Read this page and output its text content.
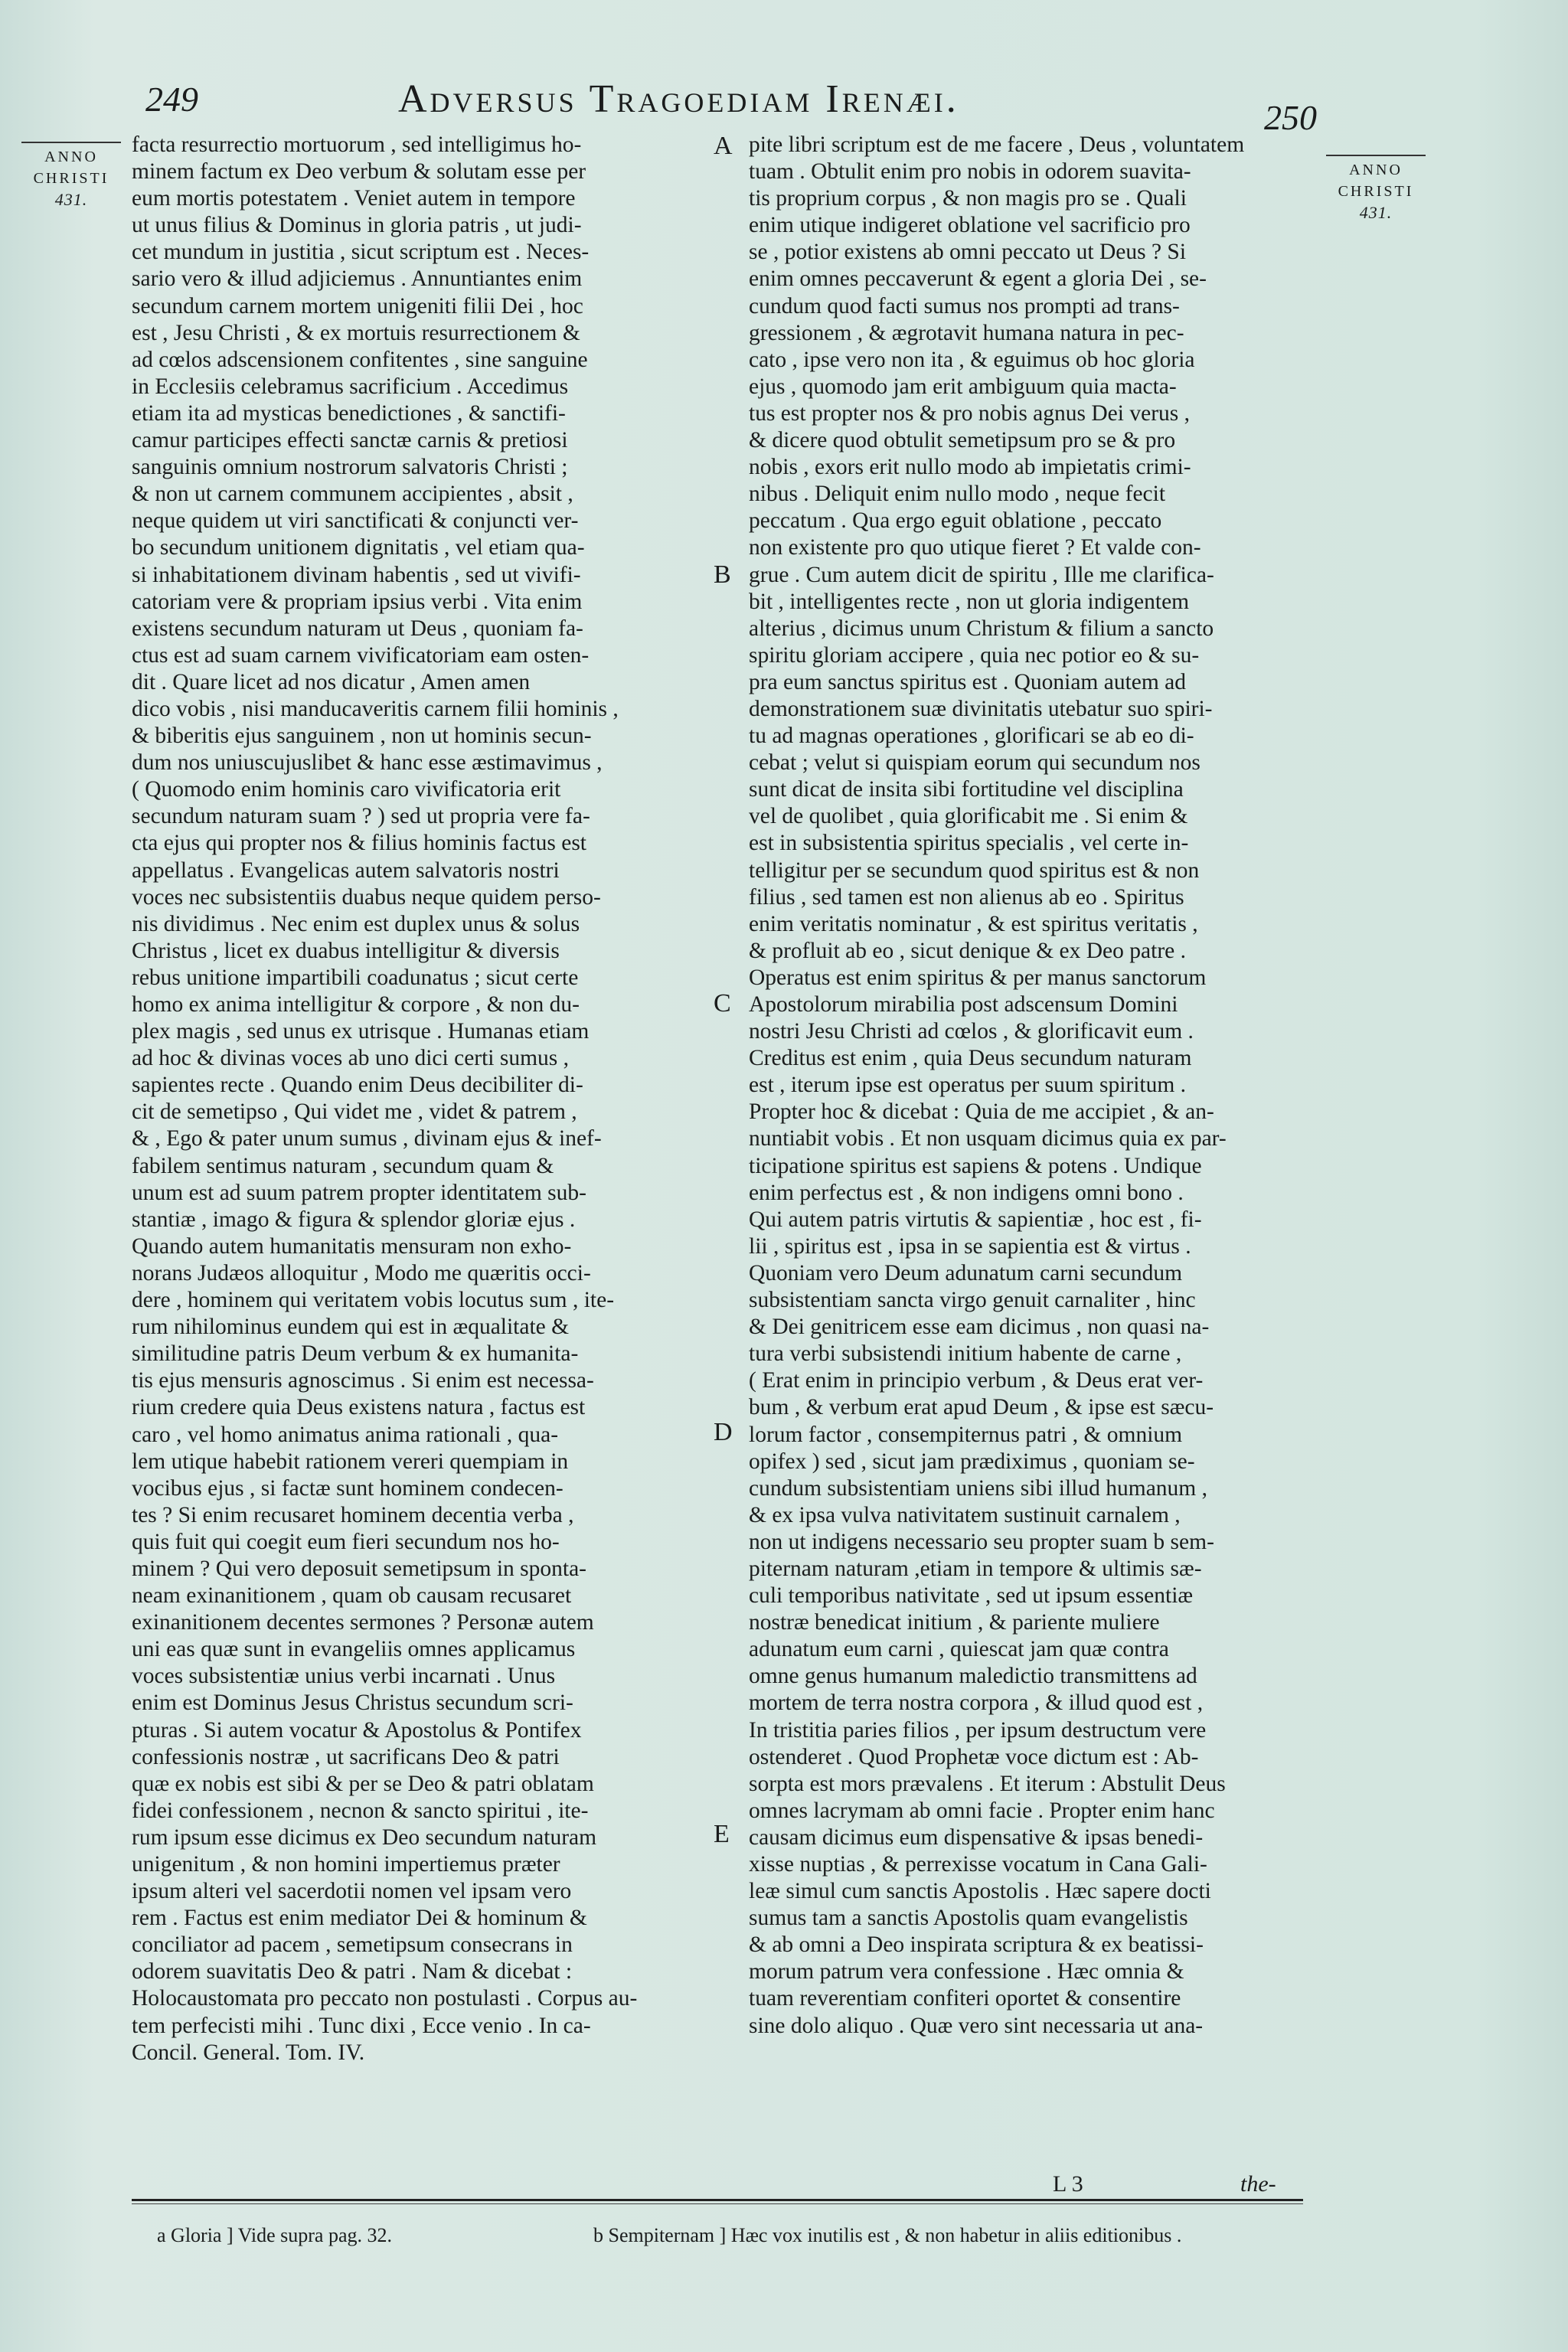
249	Adversus Tragoediam Irenæi.	250
ANNO
CHRISTI
431.
ANNO
CHRISTI
431.
facta resurrectio mortuorum , sed intelligimus ho-
minem factum ex Deo verbum & solutam esse per
eum mortis potestatem . Veniet autem in tempore
ut unus filius & Dominus in gloria patris , ut judi-
cet mundum in justitia , sicut scriptum est . Neces-
sario vero & illud adjiciemus . Annuntiantes enim
secundum carnem mortem unigeniti filii Dei , hoc
est , Jesu Christi , & ex mortuis resurrectionem &
ad cœlos adscensionem confitentes , sine sanguine
in Ecclesiis celebramus sacrificium . Accedimus
etiam ita ad mysticas benedictiones , & sanctifi-
camur participes effecti sanctæ carnis & pretiosi
sanguinis omnium nostrorum salvatoris Christi ;
& non ut carnem communem accipientes , absit ,
neque quidem ut viri sanctificati & conjuncti ver-
bo secundum unitionem dignitatis , vel etiam qua-
si inhabitationem divinam habentis , sed ut vivifi-
catoriam vere & propriam ipsius verbi . Vita enim
existens secundum naturam ut Deus , quoniam fa-
ctus est ad suam carnem vivificatoriam eam osten-
dit . Quare licet ad nos dicatur , Amen amen
dico vobis , nisi manducaveritis carnem filii hominis ,
& biberitis ejus sanguinem , non ut hominis secun-
dum nos uniuscujuslibet & hanc esse æstimavimus ,
( Quomodo enim hominis caro vivificatoria erit
secundum naturam suam ? ) sed ut propria vere fa-
cta ejus qui propter nos & filius hominis factus est
appellatus . Evangelicas autem salvatoris nostri
voces nec subsistentiis duabus neque quidem perso-
nis dividimus . Nec enim est duplex unus & solus
Christus , licet ex duabus intelligitur & diversis
rebus unitione impartibili coadunatus ; sicut certe
homo ex anima intelligitur & corpore , & non du-
plex magis , sed unus ex utrisque . Humanas etiam
ad hoc & divinas voces ab uno dici certi sumus ,
sapientes recte . Quando enim Deus decibiliter di-
cit de semetipso , Qui videt me , videt & patrem ,
& , Ego & pater unum sumus , divinam ejus & inef-
fabilem sentimus naturam , secundum quam &
unum est ad suum patrem propter identitatem sub-
stantiæ , imago & figura & splendor gloriæ ejus .
Quando autem humanitatis mensuram non exho-
norans Judæos alloquitur , Modo me quæritis occi-
dere , hominem qui veritatem vobis locutus sum , ite-
rum nihilominus eundem qui est in æqualitate &
similitudine patris Deum verbum & ex humanita-
tis ejus mensuris agnoscimus . Si enim est necessa-
rium credere quia Deus existens natura , factus est
caro , vel homo animatus anima rationali , qua-
lem utique habebit rationem vereri quempiam in
vocibus ejus , si factæ sunt hominem condecen-
tes ? Si enim recusaret hominem decentia verba ,
quis fuit qui coegit eum fieri secundum nos ho-
minem ? Qui vero deposuit semetipsum in sponta-
neam exinanitionem , quam ob causam recusaret
exinanitionem decentes sermones ? Personæ autem
uni eas quæ sunt in evangeliis omnes applicamus
voces subsistentiæ unius verbi incarnati . Unus
enim est Dominus Jesus Christus secundum scri-
pturas . Si autem vocatur & Apostolus & Pontifex
confessionis nostræ , ut sacrificans Deo & patri
quæ ex nobis est sibi & per se Deo & patri oblatam
fidei confessionem , necnon & sancto spiritui , ite-
rum ipsum esse dicimus ex Deo secundum naturam
unigenitum , & non homini impertiemus præter
ipsum alteri vel sacerdotii nomen vel ipsam vero
rem . Factus est enim mediator Dei & hominum &
conciliator ad pacem , semetipsum consecrans in
odorem suavitatis Deo & patri . Nam & dicebat :
Holocaustomata pro peccato non postulasti . Corpus au-
tem perfecisti mihi . Tunc dixi , Ecce venio . In ca-
Concil. General. Tom. IV.
pite libri scriptum est de me facere , Deus , voluntatem
tuam . Obtulit enim pro nobis in odorem suavita-
tis proprium corpus , & non magis pro se . Quali
enim utique indigeret oblatione vel sacrificio pro
se , potior existens ab omni peccato ut Deus ? Si
enim omnes peccaverunt & egent a gloria Dei , se-
cundum quod facti sumus nos prompti ad trans-
gressionem , & ægrotavit humana natura in pec-
cato , ipse vero non ita , & eguimus ob hoc gloria
ejus , quomodo jam erit ambiguum quia macta-
tus est propter nos & pro nobis agnus Dei verus ,
& dicere quod obtulit semetipsum pro se & pro
nobis , exors erit nullo modo ab impietatis crimi-
nibus . Deliquit enim nullo modo , neque fecit
peccatum . Qua ergo eguit oblatione , peccato
non existente pro quo utique fieret ? Et valde con-
grue . Cum autem dicit de spiritu , Ille me clarifica-
bit , intelligentes recte , non ut gloria indigentem
alterius , dicimus unum Christum & filium a sancto
spiritu gloriam accipere , quia nec potior eo & su-
pra eum sanctus spiritus est . Quoniam autem ad
demonstrationem suæ divinitatis utebatur suo spiri-
tu ad magnas operationes , glorificari se ab eo di-
cebat ; velut si quispiam eorum qui secundum nos
sunt dicat de insita sibi fortitudine vel disciplina
vel de quolibet , quia glorificabit me . Si enim &
est in subsistentia spiritus specialis , vel certe in-
telligitur per se secundum quod spiritus est & non
filius , sed tamen est non alienus ab eo . Spiritus
enim veritatis nominatur , & est spiritus veritatis ,
& profluit ab eo , sicut denique & ex Deo patre .
Operatus est enim spiritus & per manus sanctorum
Apostolorum mirabilia post adscensum Domini
nostri Jesu Christi ad cœlos , & glorificavit eum .
Creditus est enim , quia Deus secundum naturam
est , iterum ipse est operatus per suum spiritum .
Propter hoc & dicebat : Quia de me accipiet , & an-
nuntiabit vobis . Et non usquam dicimus quia ex par-
ticipatione spiritus est sapiens & potens . Undique
enim perfectus est , & non indigens omni bono .
Qui autem patris virtutis & sapientiæ , hoc est , fi-
lii , spiritus est , ipsa in se sapientia est & virtus .
Quoniam vero Deum adunatum carni secundum
subsistentiam sancta virgo genuit carnaliter , hinc
& Dei genitricem esse eam dicimus , non quasi na-
tura verbi subsistendi initium habente de carne ,
( Erat enim in principio verbum , & Deus erat ver-
bum , & verbum erat apud Deum , & ipse est sæcu-
lorum factor , consempiternus patri , & omnium
opifex ) sed , sicut jam prædiximus , quoniam se-
cundum subsistentiam uniens sibi illud humanum ,
& ex ipsa vulva nativitatem sustinuit carnalem ,
non ut indigens necessario seu propter suam b sem-
piternam naturam ,etiam in tempore & ultimis sæ-
culi temporibus nativitate , sed ut ipsum essentiæ
nostræ benedicat initium , & pariente muliere
adunatum eum carni , quiescat jam quæ contra
omne genus humanum maledictio transmittens ad
mortem de terra nostra corpora , & illud quod est ,
In tristitia paries filios , per ipsum destructum vere
ostenderet . Quod Prophetæ voce dictum est : Ab-
sorpta est mors prævalens . Et iterum : Abstulit Deus
omnes lacrymam ab omni facie . Propter enim hanc
causam dicimus eum dispensative & ipsas benedi-
xisse nuptias , & perrexisse vocatum in Cana Gali-
leæ simul cum sanctis Apostolis . Hæc sapere docti
sumus tam a sanctis Apostolis quam evangelistis
& ab omni a Deo inspirata scriptura & ex beatissi-
morum patrum vera confessione . Hæc omnia &
tuam reverentiam confiteri oportet & consentire
sine dolo aliquo . Quæ vero sint necessaria ut ana-
A
B
C
D
E
L 3	the-
a Gloria ] Vide supra pag. 32.	b Sempiternam ] Hæc vox inutilis est , & non habetur in aliis editionibus .
